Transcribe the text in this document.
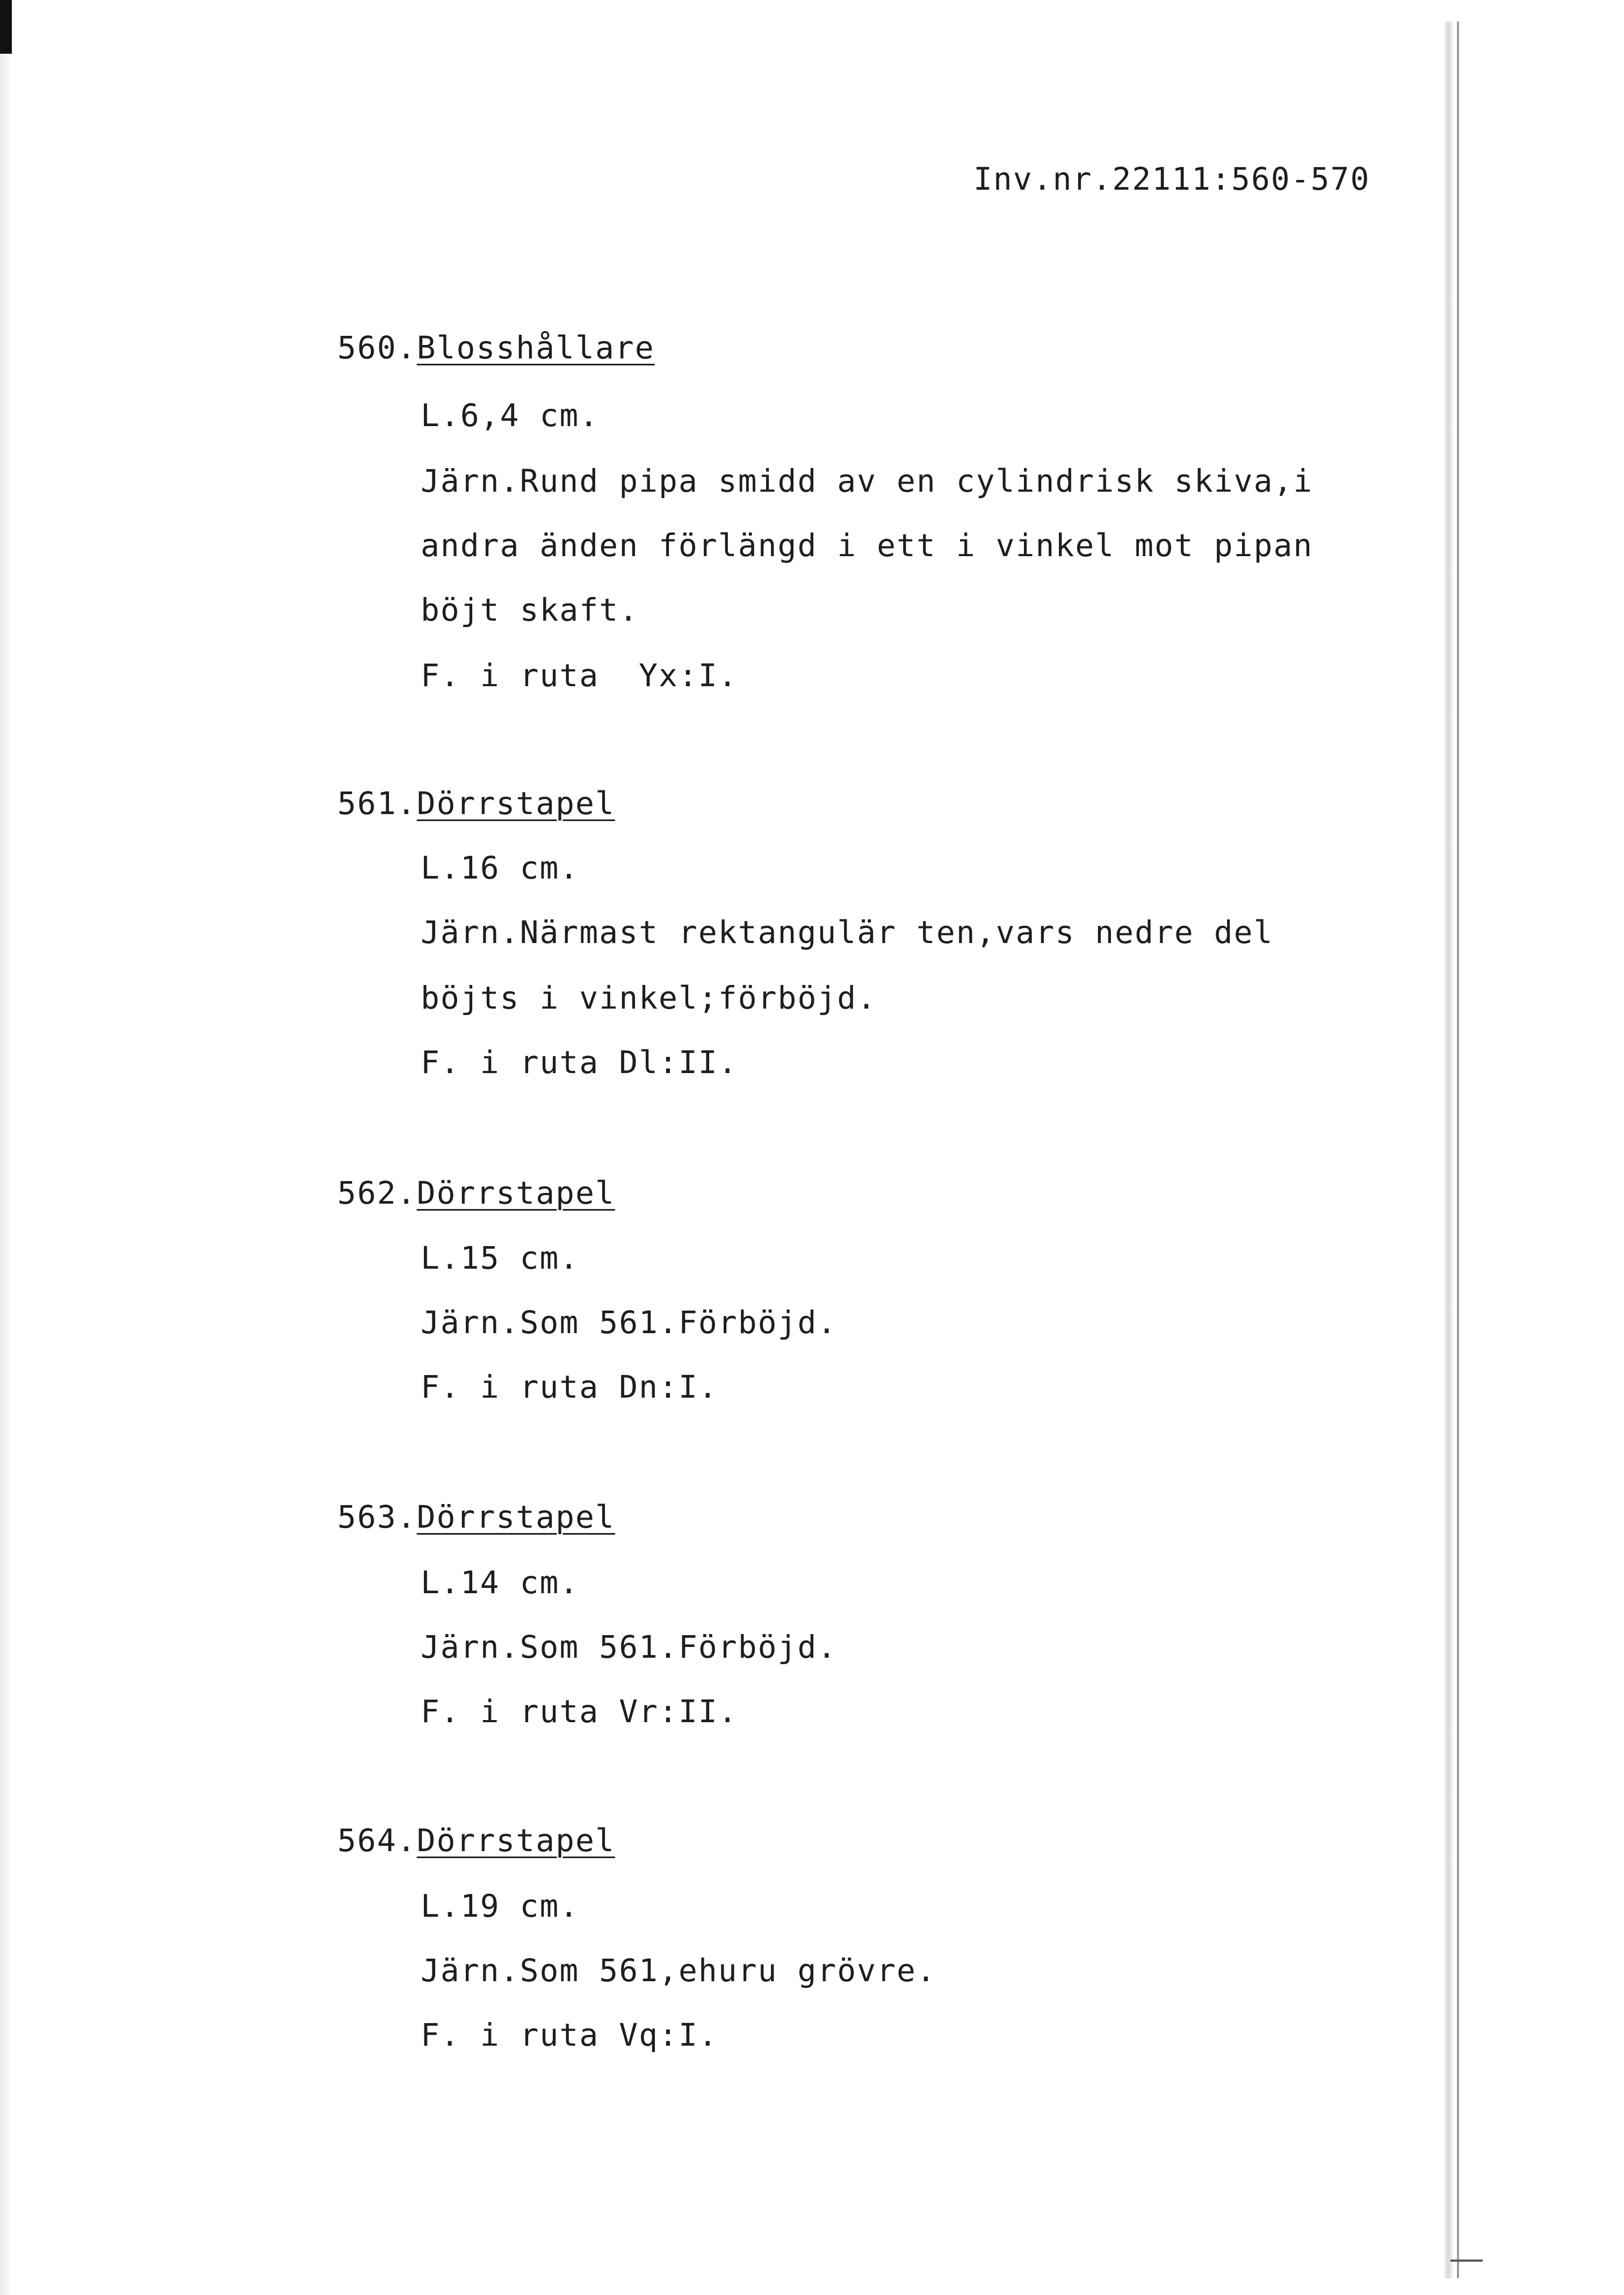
Inv.nr.22111:560-570
560.Blosshållare
L.6,4 cm.
Järn.Rund pipa smidd av en cylindrisk skiva,i
andra änden förlängd i ett i vinkel mot pipan
böjt skaft.
F. i ruta  Yx:I.
561.Dörrstapel
L.16 cm.
Järn.Närmast rektangulär ten,vars nedre del
böjts i vinkel;förböjd.
F. i ruta Dl:II.
562.Dörrstapel
L.15 cm.
Järn.Som 561.Förböjd.
F. i ruta Dn:I.
563.Dörrstapel
L.14 cm.
Järn.Som 561.Förböjd.
F. i ruta Vr:II.
564.Dörrstapel
L.19 cm.
Järn.Som 561,ehuru grövre.
F. i ruta Vq:I.
